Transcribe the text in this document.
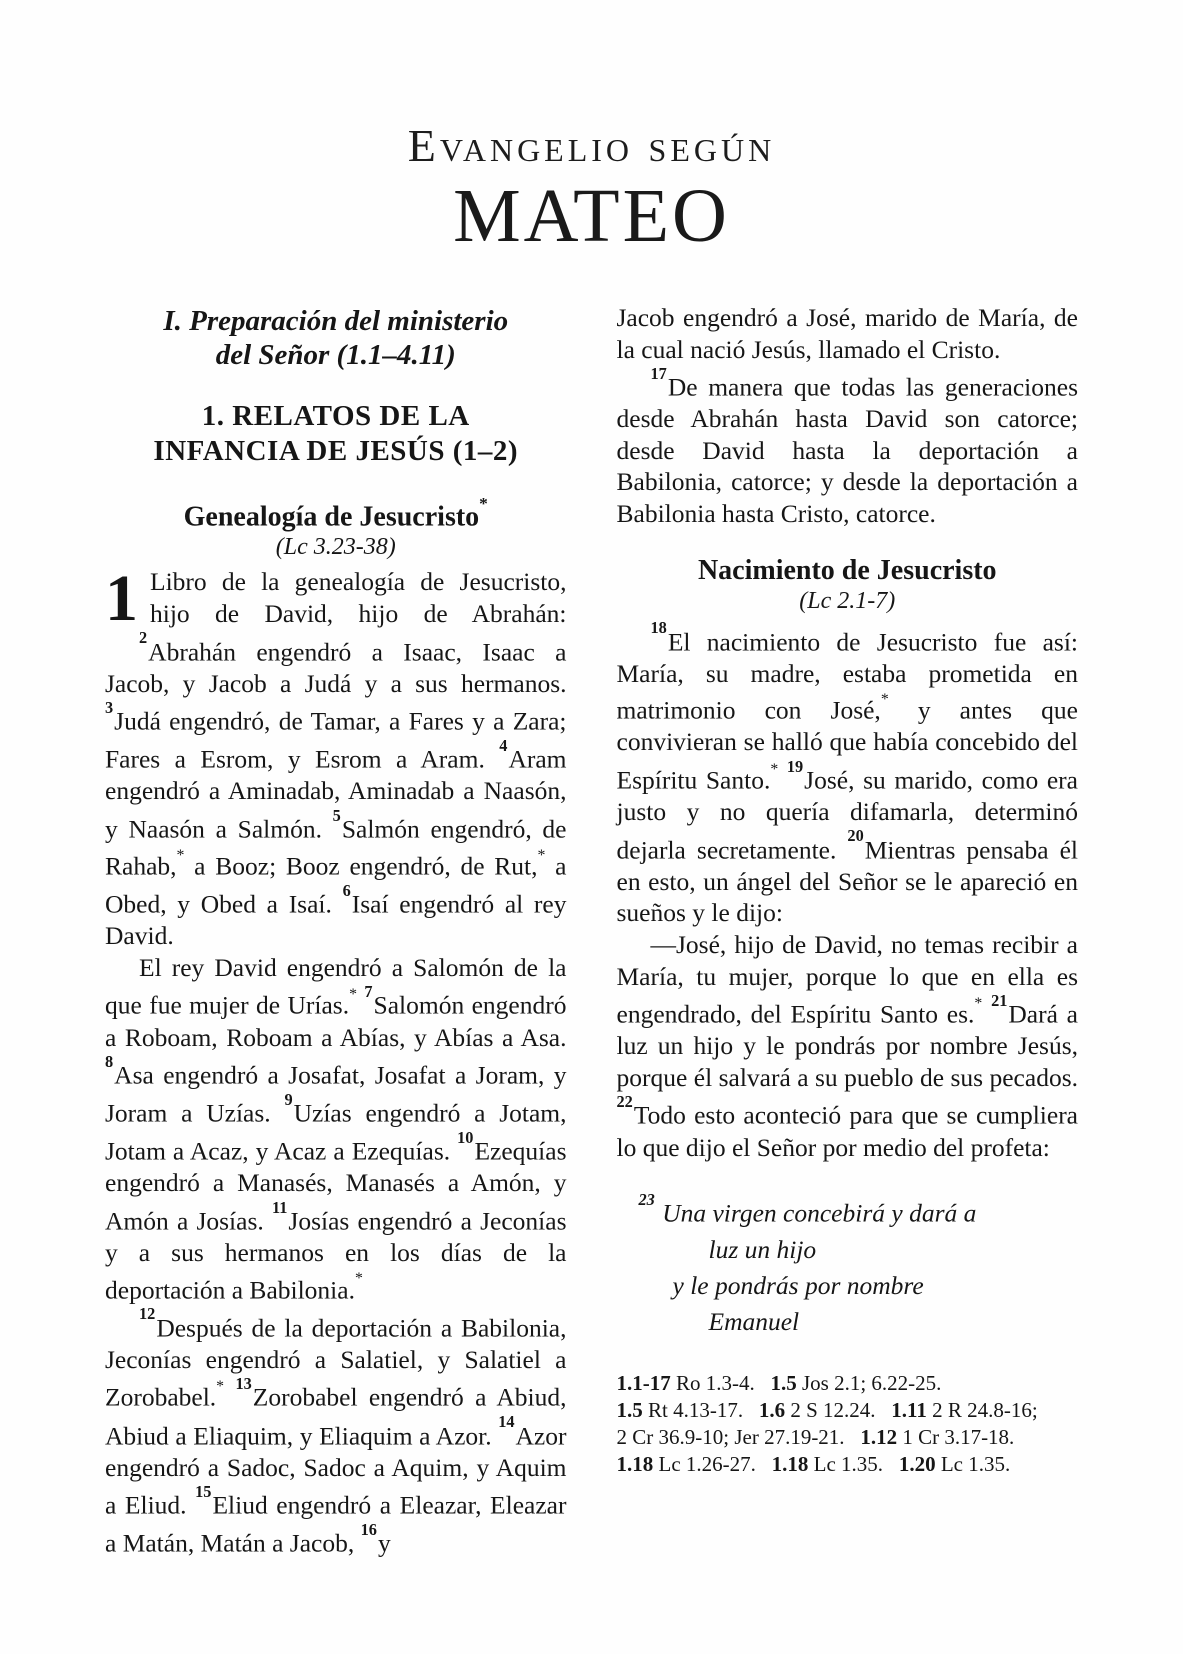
Evangelio según
MATEO
I. Preparación del ministerio
del Señor (1.1–4.11)
1. RELATOS DE LA
INFANCIA DE JESÚS (1–2)
Genealogía de Jesucristo*
(Lc 3.23-38)

1 Libro de la genealogía de Jesucristo, hijo de David, hijo de Abrahán:

$^2$Abrahán engendró a Isaac, Isaac a Jacob, y Jacob a Judá y a sus hermanos. $^3$Judá engendró, de Tamar, a Fares y a Zara; Fares a Esrom, y Esrom a Aram. $^4$Aram engendró a Aminadab, Aminadab a Naasón, y Naasón a Salmón. $^5$Salmón engendró, de Rahab,* a Booz; Booz engendró, de Rut,* a Obed, y Obed a Isaí. $^6$Isaí engendró al rey David.

El rey David engendró a Salomón de la que fue mujer de Urías.* $^7$Salomón engendró a Roboam, Roboam a Abías, y Abías a Asa. $^8$Asa engendró a Josafat, Josafat a Joram, y Joram a Uzías. $^9$Uzías engendró a Jotam, Jotam a Acaz, y Acaz a Ezequías. $^{10}$Ezequías engendró a Manasés, Manasés a Amón, y Amón a Josías. $^{11}$Josías engendró a Jeconías y a sus hermanos en los días de la deportación a Babilonia.*

$^{12}$Después de la deportación a Babilonia, Jeconías engendró a Salatiel, y Salatiel a Zorobabel.* $^{13}$Zorobabel engendró a Abiud, Abiud a Eliaquim, y Eliaquim a Azor. $^{14}$Azor engendró a Sadoc, Sadoc a Aquim, y Aquim a Eliud. $^{15}$Eliud engendró a Eleazar, Eleazar a Matán, Matán a Jacob, $^{16}$y

Jacob engendró a José, marido de María, de la cual nació Jesús, llamado el Cristo.

$^{17}$De manera que todas las generaciones desde Abrahán hasta David son catorce; desde David hasta la deportación a Babilonia, catorce; y desde la deportación a Babilonia hasta Cristo, catorce.

Nacimiento de Jesucristo
(Lc 2.1-7)

$^{18}$El nacimiento de Jesucristo fue así: María, su madre, estaba prometida en matrimonio con José,* y antes que convivieran se halló que había concebido del Espíritu Santo.* $^{19}$José, su marido, como era justo y no quería difamarla, determinó dejarla secretamente. $^{20}$Mientras pensaba él en esto, un ángel del Señor se le apareció en sueños y le dijo:

—José, hijo de David, no temas recibir a María, tu mujer, porque lo que en ella es engendrado, del Espíritu Santo es.* $^{21}$Dará a luz un hijo y le pondrás por nombre Jesús, porque él salvará a su pueblo de sus pecados. $^{22}$Todo esto aconteció para que se cumpliera lo que dijo el Señor por medio del profeta:

$^{23}$ Una virgen concebirá y dará a
luz un hijo
y le pondrás por nombre
Emanuel
1.1-17 Ro 1.3-4.   1.5 Jos 2.1; 6.22-25.
1.5 Rt 4.13-17.   1.6 2 S 12.24.   1.11 2 R 24.8-16;
2 Cr 36.9-10; Jer 27.19-21.   1.12 1 Cr 3.17-18.
1.18 Lc 1.26-27.   1.18 Lc 1.35.   1.20 Lc 1.35.
